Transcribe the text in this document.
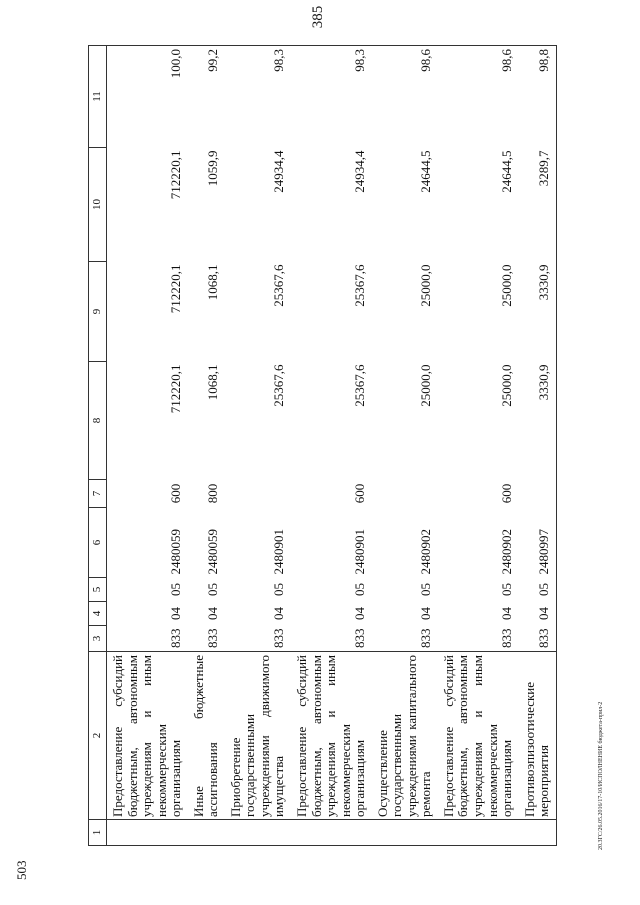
385
1	2	3	4	5	6	7	8	9	10	11
	Предоставление субсидий бюджетным, автономным учреждениям и иным некоммерческим организациям	833	04	05	2480059	600	712220,1	712220,1	712220,1	100,0
	Иные бюджетные ассигнования	833	04	05	2480059	800	1068,1	1068,1	1059,9	99,2
	Приобретение государственными учреждениями движимого имущества	833	04	05	2480901		25367,6	25367,6	24934,4	98,3
	Предоставление субсидий бюджетным, автономным учреждениям и иным некоммерческим организациям	833	04	05	2480901	600	25367,6	25367,6	24934,4	98,3
	Осуществление государственными учреждениями капитального ремонта	833	04	05	2480902		25000,0	25000,0	24644,5	98,6
	Предоставление субсидий бюджетным, автономным учреждениям и иным некоммерческим организациям	833	04	05	2480902	600	25000,0	25000,0	24644,5	98,6
	Противоэпизоотические мероприятия	833	04	05	2480997		3330,9	3330,9	3289,7	98,8
503
20.3ГС/26.05.2016/17-10/ИСПОЛНЕНИЕ бюджета-прил-2
